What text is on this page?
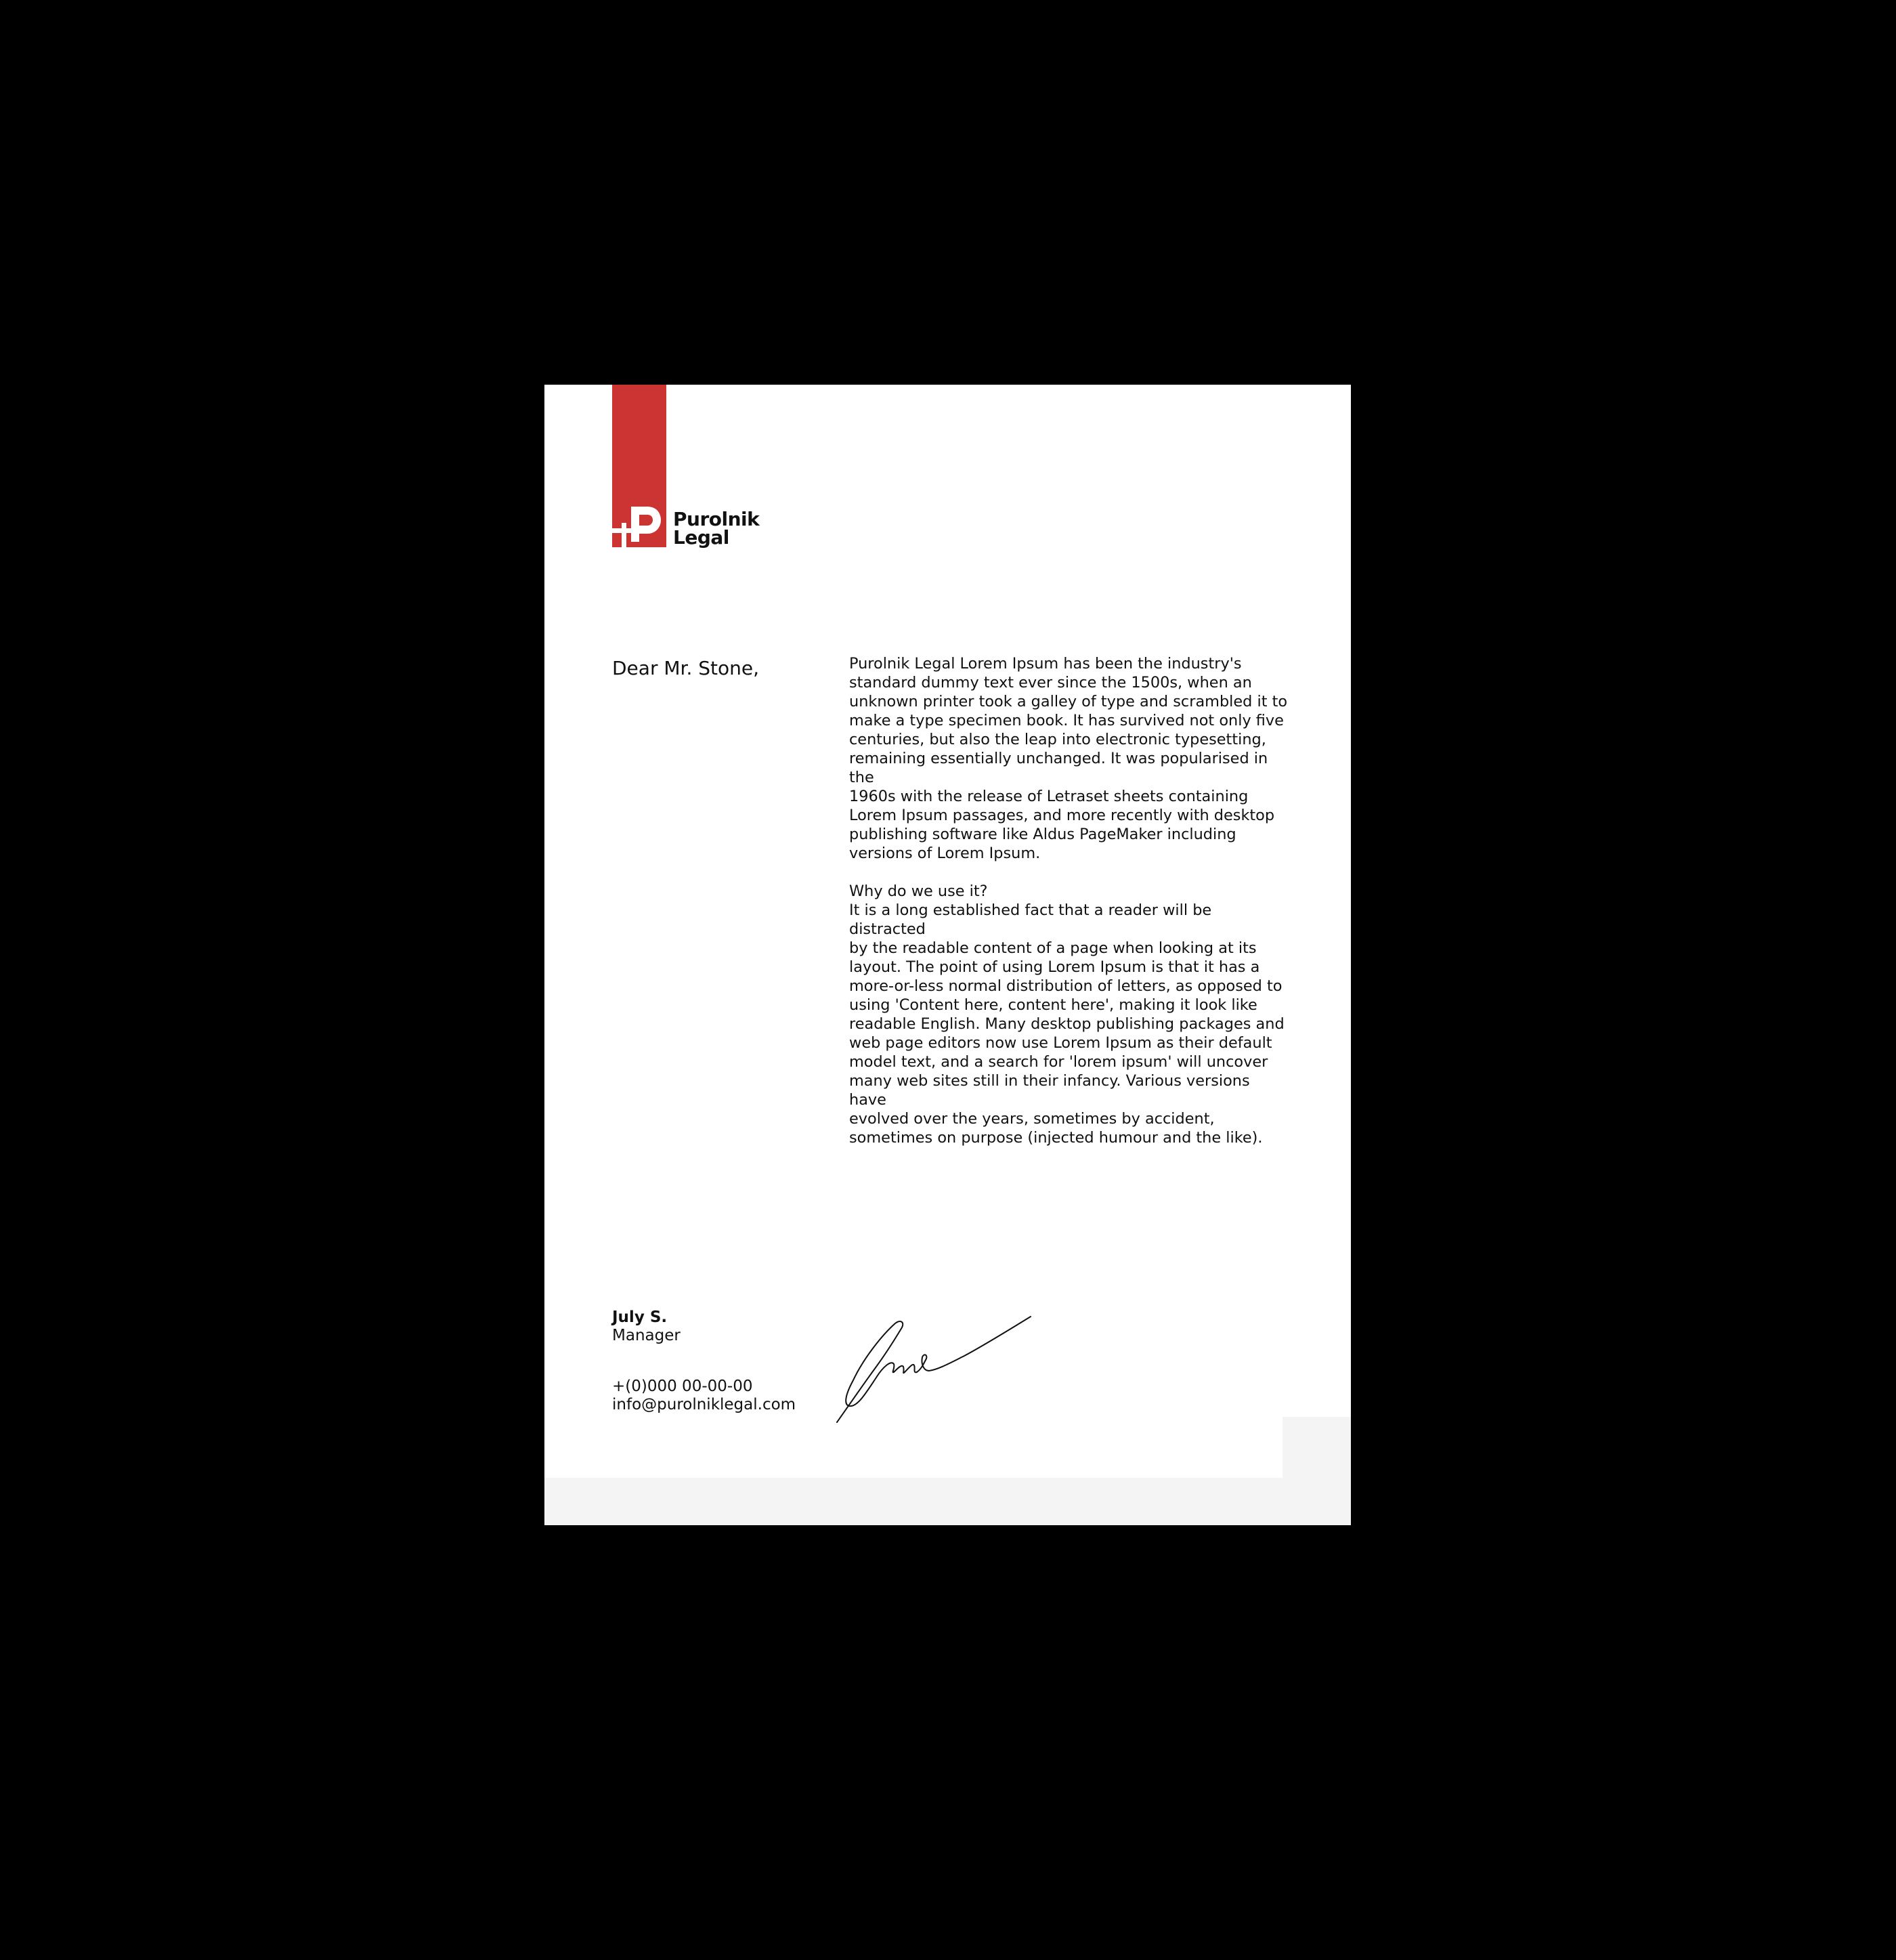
Purolnik
Legal
Dear Mr. Stone,	Purolnik Legal Lorem Ipsum has been the industry's
standard dummy text ever since the 1500s, when an
unknown printer took a galley of type and scrambled it to
make a type specimen book. It has survived not only five
centuries, but also the leap into electronic typesetting,
remaining essentially unchanged. It was popularised in the
1960s with the release of Letraset sheets containing
Lorem Ipsum passages, and more recently with desktop
publishing software like Aldus PageMaker including
versions of Lorem Ipsum.

Why do we use it?

It is a long established fact that a reader will be distracted
by the readable content of a page when looking at its
layout. The point of using Lorem Ipsum is that it has a
more-or-less normal distribution of letters, as opposed to
using 'Content here, content here', making it look like
readable English. Many desktop publishing packages and
web page editors now use Lorem Ipsum as their default
model text, and a search for 'lorem ipsum' will uncover
many web sites still in their infancy. Various versions have
evolved over the years, sometimes by accident,
sometimes on purpose (injected humour and the like).

July S.
Manager
+(0)000 00-00-00
info@purolniklegal.com
